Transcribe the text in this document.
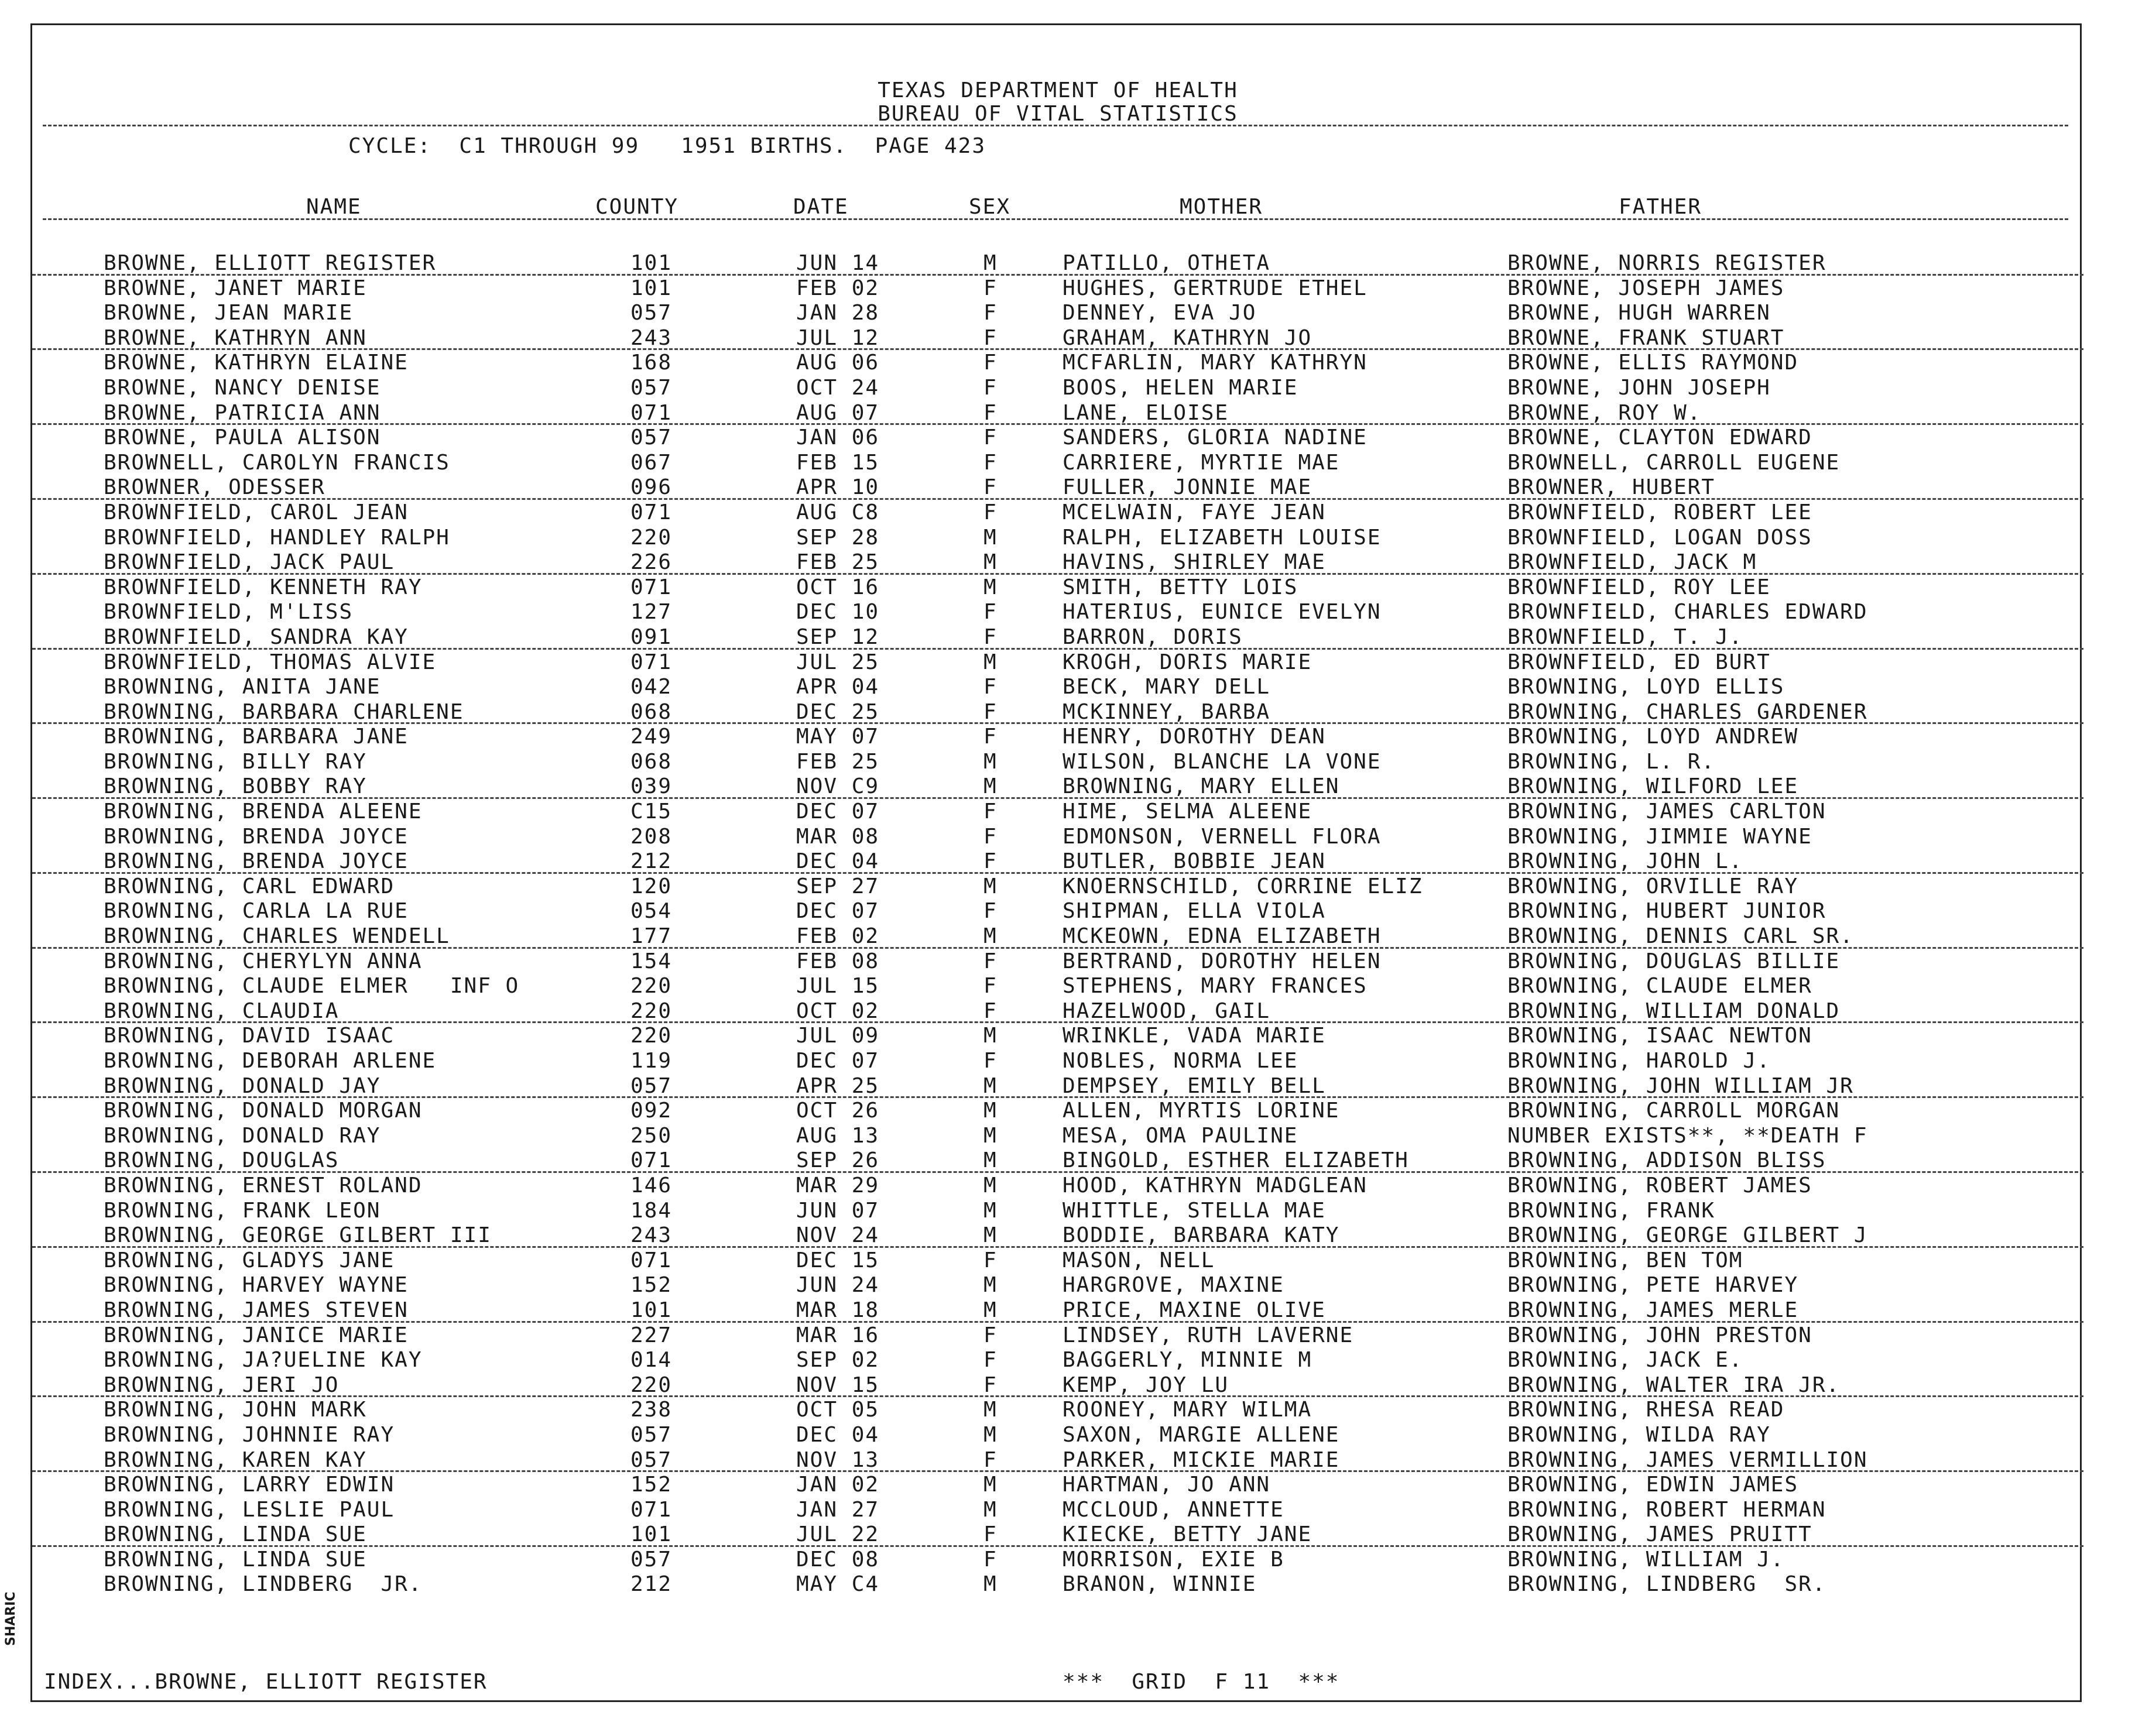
TEXAS DEPARTMENT OF HEALTH
BUREAU OF VITAL STATISTICS
CYCLE:  C1 THROUGH 99   1951 BIRTHS.  PAGE 423
NAME	COUNTY	DATE	SEX	MOTHER	FATHER
BROWNE, ELLIOTT REGISTER	101	JUN 14	M	PATILLO, OTHETA	BROWNE, NORRIS REGISTER
BROWNE, JANET MARIE	101	FEB 02	F	HUGHES, GERTRUDE ETHEL	BROWNE, JOSEPH JAMES
BROWNE, JEAN MARIE	057	JAN 28	F	DENNEY, EVA JO	BROWNE, HUGH WARREN
BROWNE, KATHRYN ANN	243	JUL 12	F	GRAHAM, KATHRYN JO	BROWNE, FRANK STUART
BROWNE, KATHRYN ELAINE	168	AUG 06	F	MCFARLIN, MARY KATHRYN	BROWNE, ELLIS RAYMOND
BROWNE, NANCY DENISE	057	OCT 24	F	BOOS, HELEN MARIE	BROWNE, JOHN JOSEPH
BROWNE, PATRICIA ANN	071	AUG 07	F	LANE, ELOISE	BROWNE, ROY W.
BROWNE, PAULA ALISON	057	JAN 06	F	SANDERS, GLORIA NADINE	BROWNE, CLAYTON EDWARD
BROWNELL, CAROLYN FRANCIS	067	FEB 15	F	CARRIERE, MYRTIE MAE	BROWNELL, CARROLL EUGENE
BROWNER, ODESSER	096	APR 10	F	FULLER, JONNIE MAE	BROWNER, HUBERT
BROWNFIELD, CAROL JEAN	071	AUG C8	F	MCELWAIN, FAYE JEAN	BROWNFIELD, ROBERT LEE
BROWNFIELD, HANDLEY RALPH	220	SEP 28	M	RALPH, ELIZABETH LOUISE	BROWNFIELD, LOGAN DOSS
BROWNFIELD, JACK PAUL	226	FEB 25	M	HAVINS, SHIRLEY MAE	BROWNFIELD, JACK M
BROWNFIELD, KENNETH RAY	071	OCT 16	M	SMITH, BETTY LOIS	BROWNFIELD, ROY LEE
BROWNFIELD, M'LISS	127	DEC 10	F	HATERIUS, EUNICE EVELYN	BROWNFIELD, CHARLES EDWARD
BROWNFIELD, SANDRA KAY	091	SEP 12	F	BARRON, DORIS	BROWNFIELD, T. J.
BROWNFIELD, THOMAS ALVIE	071	JUL 25	M	KROGH, DORIS MARIE	BROWNFIELD, ED BURT
BROWNING, ANITA JANE	042	APR 04	F	BECK, MARY DELL	BROWNING, LOYD ELLIS
BROWNING, BARBARA CHARLENE	068	DEC 25	F	MCKINNEY, BARBA	BROWNING, CHARLES GARDENER
BROWNING, BARBARA JANE	249	MAY 07	F	HENRY, DOROTHY DEAN	BROWNING, LOYD ANDREW
BROWNING, BILLY RAY	068	FEB 25	M	WILSON, BLANCHE LA VONE	BROWNING, L. R.
BROWNING, BOBBY RAY	039	NOV C9	M	BROWNING, MARY ELLEN	BROWNING, WILFORD LEE
BROWNING, BRENDA ALEENE	C15	DEC 07	F	HIME, SELMA ALEENE	BROWNING, JAMES CARLTON
BROWNING, BRENDA JOYCE	208	MAR 08	F	EDMONSON, VERNELL FLORA	BROWNING, JIMMIE WAYNE
BROWNING, BRENDA JOYCE	212	DEC 04	F	BUTLER, BOBBIE JEAN	BROWNING, JOHN L.
BROWNING, CARL EDWARD	120	SEP 27	M	KNOERNSCHILD, CORRINE ELIZ	BROWNING, ORVILLE RAY
BROWNING, CARLA LA RUE	054	DEC 07	F	SHIPMAN, ELLA VIOLA	BROWNING, HUBERT JUNIOR
BROWNING, CHARLES WENDELL	177	FEB 02	M	MCKEOWN, EDNA ELIZABETH	BROWNING, DENNIS CARL SR.
BROWNING, CHERYLYN ANNA	154	FEB 08	F	BERTRAND, DOROTHY HELEN	BROWNING, DOUGLAS BILLIE
BROWNING, CLAUDE ELMER   INF O	220	JUL 15	F	STEPHENS, MARY FRANCES	BROWNING, CLAUDE ELMER
BROWNING, CLAUDIA	220	OCT 02	F	HAZELWOOD, GAIL	BROWNING, WILLIAM DONALD
BROWNING, DAVID ISAAC	220	JUL 09	M	WRINKLE, VADA MARIE	BROWNING, ISAAC NEWTON
BROWNING, DEBORAH ARLENE	119	DEC 07	F	NOBLES, NORMA LEE	BROWNING, HAROLD J.
BROWNING, DONALD JAY	057	APR 25	M	DEMPSEY, EMILY BELL	BROWNING, JOHN WILLIAM JR
BROWNING, DONALD MORGAN	092	OCT 26	M	ALLEN, MYRTIS LORINE	BROWNING, CARROLL MORGAN
BROWNING, DONALD RAY	250	AUG 13	M	MESA, OMA PAULINE	NUMBER EXISTS**, **DEATH F
BROWNING, DOUGLAS	071	SEP 26	M	BINGOLD, ESTHER ELIZABETH	BROWNING, ADDISON BLISS
BROWNING, ERNEST ROLAND	146	MAR 29	M	HOOD, KATHRYN MADGLEAN	BROWNING, ROBERT JAMES
BROWNING, FRANK LEON	184	JUN 07	M	WHITTLE, STELLA MAE	BROWNING, FRANK
BROWNING, GEORGE GILBERT III	243	NOV 24	M	BODDIE, BARBARA KATY	BROWNING, GEORGE GILBERT J
BROWNING, GLADYS JANE	071	DEC 15	F	MASON, NELL	BROWNING, BEN TOM
BROWNING, HARVEY WAYNE	152	JUN 24	M	HARGROVE, MAXINE	BROWNING, PETE HARVEY
BROWNING, JAMES STEVEN	101	MAR 18	M	PRICE, MAXINE OLIVE	BROWNING, JAMES MERLE
BROWNING, JANICE MARIE	227	MAR 16	F	LINDSEY, RUTH LAVERNE	BROWNING, JOHN PRESTON
BROWNING, JA?UELINE KAY	014	SEP 02	F	BAGGERLY, MINNIE M	BROWNING, JACK E.
BROWNING, JERI JO	220	NOV 15	F	KEMP, JOY LU	BROWNING, WALTER IRA JR.
BROWNING, JOHN MARK	238	OCT 05	M	ROONEY, MARY WILMA	BROWNING, RHESA READ
BROWNING, JOHNNIE RAY	057	DEC 04	M	SAXON, MARGIE ALLENE	BROWNING, WILDA RAY
BROWNING, KAREN KAY	057	NOV 13	F	PARKER, MICKIE MARIE	BROWNING, JAMES VERMILLION
BROWNING, LARRY EDWIN	152	JAN 02	M	HARTMAN, JO ANN	BROWNING, EDWIN JAMES
BROWNING, LESLIE PAUL	071	JAN 27	M	MCCLOUD, ANNETTE	BROWNING, ROBERT HERMAN
BROWNING, LINDA SUE	101	JUL 22	F	KIECKE, BETTY JANE	BROWNING, JAMES PRUITT
BROWNING, LINDA SUE	057	DEC 08	F	MORRISON, EXIE B	BROWNING, WILLIAM J.
BROWNING, LINDBERG  JR.	212	MAY C4	M	BRANON, WINNIE	BROWNING, LINDBERG  SR.
INDEX...BROWNE, ELLIOTT REGISTER	***  GRID  F 11  ***
SHARIC
